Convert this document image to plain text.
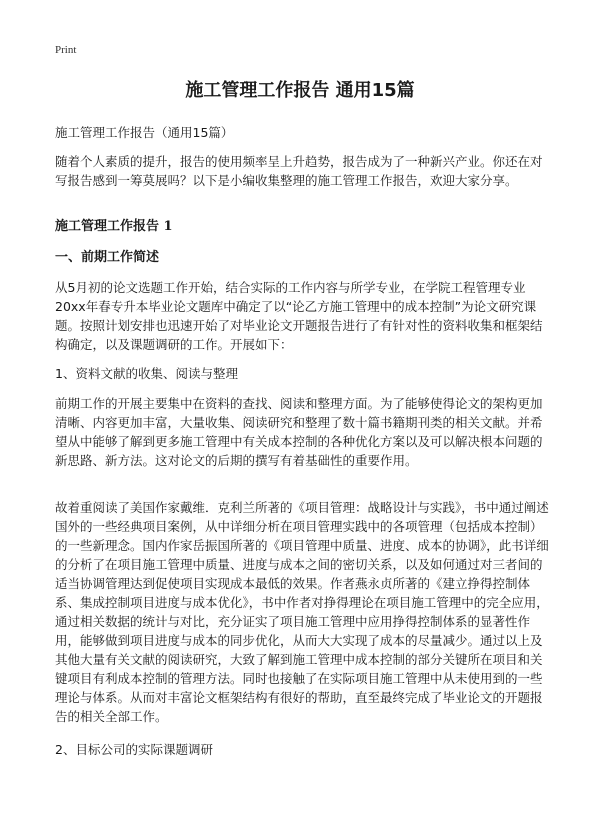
Print
施工管理工作报告 通用15篇
施工管理工作报告（通用15篇）
随着个人素质的提升，报告的使用频率呈上升趋势，报告成为了一种新兴产业。你还在对写报告感到一筹莫展吗？以下是小编收集整理的施工管理工作报告，欢迎大家分享。
施工管理工作报告 1
一、前期工作简述
从5月初的论文选题工作开始，结合实际的工作内容与所学专业，在学院工程管理专业20xx年春专升本毕业论文题库中确定了以“论乙方施工管理中的成本控制”为论文研究课题。按照计划安排也迅速开始了对毕业论文开题报告进行了有针对性的资料收集和框架结构确定，以及课题调研的工作。开展如下：
1、资料文献的收集、阅读与整理
前期工作的开展主要集中在资料的查找、阅读和整理方面。为了能够使得论文的架构更加清晰、内容更加丰富，大量收集、阅读研究和整理了数十篇书籍期刊类的相关文献。并希望从中能够了解到更多施工管理中有关成本控制的各种优化方案以及可以解决根本问题的新思路、新方法。这对论文的后期的撰写有着基础性的重要作用。
故着重阅读了美国作家戴维．克利兰所著的《项目管理：战略设计与实践》，书中通过阐述国外的一些经典项目案例，从中详细分析在项目管理实践中的各项管理（包括成本控制）的一些新理念。国内作家岳振国所著的《项目管理中质量、进度、成本的协调》，此书详细的分析了在项目施工管理中质量、进度与成本之间的密切关系，以及如何通过对三者间的适当协调管理达到促使项目实现成本最低的效果。作者燕永贞所著的《建立挣得控制体系、集成控制项目进度与成本优化》，书中作者对挣得理论在项目施工管理中的完全应用，通过相关数据的统计与对比，充分证实了项目施工管理中应用挣得控制体系的显著性作用，能够做到项目进度与成本的同步优化，从而大大实现了成本的尽量减少。通过以上及其他大量有关文献的阅读研究，大致了解到施工管理中成本控制的部分关键所在项目和关键项目有利成本控制的管理方法。同时也接触了在实际项目施工管理中从未使用到的一些理论与体系。从而对丰富论文框架结构有很好的帮助，直至最终完成了毕业论文的开题报告的相关全部工作。
2、目标公司的实际课题调研
